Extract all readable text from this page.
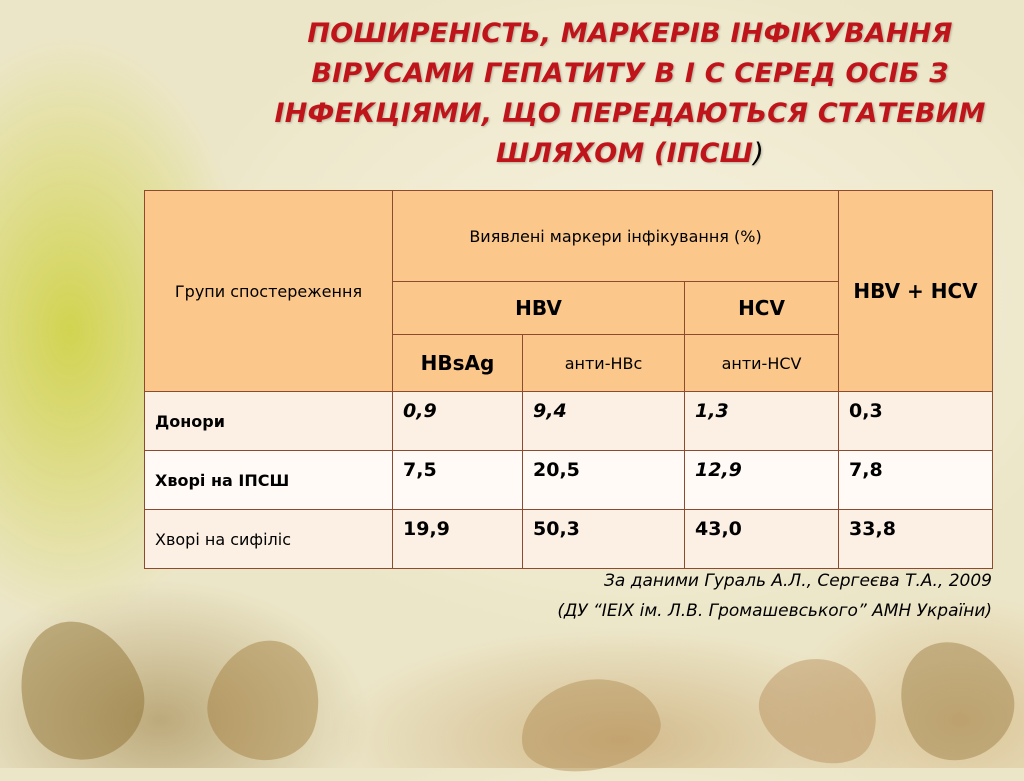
ПОШИРЕНІСТЬ, МАРКЕРІВ ІНФІКУВАННЯ ВІРУСАМИ ГЕПАТИТУ В І С СЕРЕД ОСІБ З ІНФЕКЦІЯМИ, ЩО ПЕРЕДАЮТЬСЯ СТАТЕВИМ ШЛЯХОМ (ІПСШ)
Групи спостереження	Виявлені маркери інфікування (%)			HBV + HCV
	HBV		HCV	
	HBsAg	анти-HBс	анти-HCV	
Донори	0,9	9,4	1,3	0,3
Хворі на ІПСШ	7,5	20,5	12,9	7,8
Хворі на сифіліс	19,9	50,3	43,0	33,8
За даними Гураль А.Л., Сергеєва Т.А., 2009
(ДУ “ІЕІХ ім. Л.В. Громашевського” АМН України)
